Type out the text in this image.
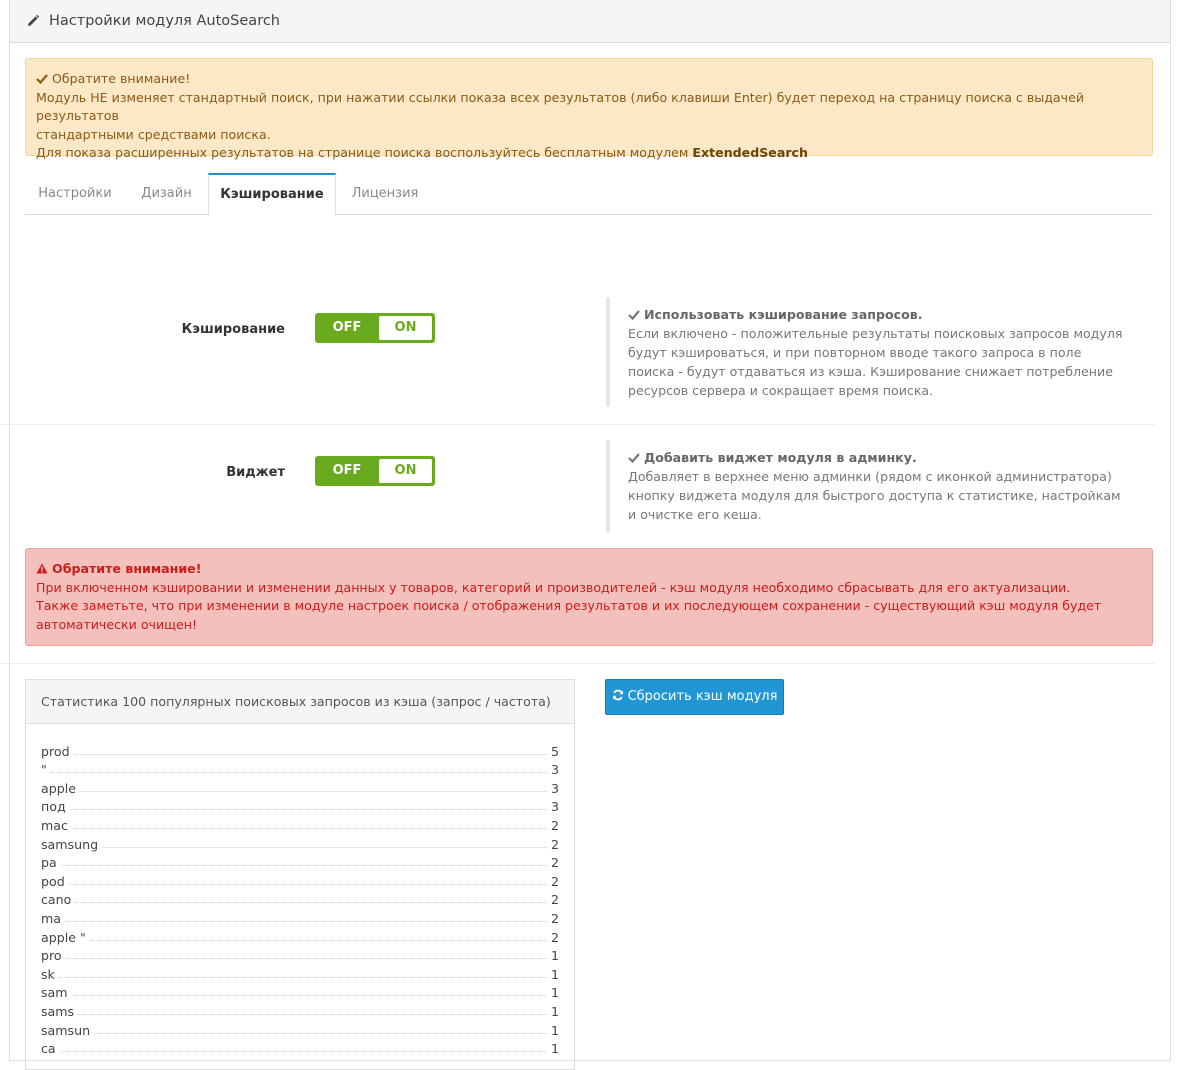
Настройки модуля AutoSearch
Обратите внимание!
Модуль НЕ изменяет стандартный поиск, при нажатии ссылки показа всех результатов (либо клавиши Enter) будет переход на страницу поиска с выдачей результатов
стандартными средствами поиска.
Для показа расширенных результатов на странице поиска воспользуйтесь бесплатным модулем ExtendedSearch
Настройки	Дизайн	Кэширование	Лицензия
Кэширование	OFF	ON
Использовать кэширование запросов.
Если включено - положительные результаты поисковых запросов модуля будут кэшироваться, и при повторном вводе такого запроса в поле поиска - будут отдаваться из кэша. Кэширование снижает потребление ресурсов сервера и сокращает время поиска.
Виджет	OFF	ON
Добавить виджет модуля в админку.
Добавляет в верхнее меню админки (рядом с иконкой администратора) кнопку виджета модуля для быстрого доступа к статистике, настройкам и очистке его кеша.
Обратите внимание!
При включенном кэшировании и изменении данных у товаров, категорий и производителей - кэш модуля необходимо сбрасывать для его актуализации.
Также заметьте, что при изменении в модуле настроек поиска / отображения результатов и их последующем сохранении - существующий кэш модуля будет автоматически очищен!
Статистика 100 популярных поисковых запросов из кэша (запрос / частота)
prod	5
"	3
apple	3
под	3
mac	2
samsung	2
pa	2
pod	2
cano	2
ma	2
apple "	2
pro	1
sk	1
sam	1
sams	1
samsun	1
ca	1
Сбросить кэш модуля
